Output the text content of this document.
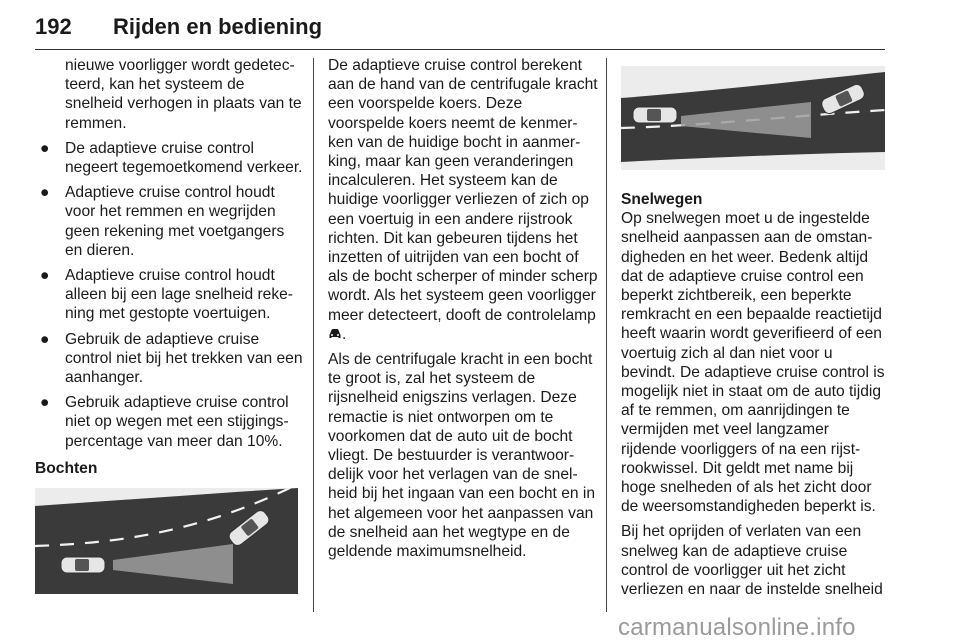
192 Rijden en bediening

nieuwe voorligger wordt gedetec-teerd, kan het systeem de snelheid verhogen in plaats van te remmen.

● De adaptieve cruise control negeert tegemoetkomend verkeer.
● Adaptieve cruise control houdt voor het remmen en wegrijden geen rekening met voetgangers en dieren.
● Adaptieve cruise control houdt alleen bij een lage snelheid reke-ning met gestopte voertuigen.
● Gebruik de adaptieve cruise control niet bij het trekken van een aanhanger.
● Gebruik adaptieve cruise control niet op wegen met een stijgings-percentage van meer dan 10%.
Bochten

De adaptieve cruise control berekent aan de hand van de centrifugale kracht een voorspelde koers. Deze voorspelde koers neemt de kenmer-ken van de huidige bocht in aanmer-king, maar kan geen veranderingen incalculeren. Het systeem kan de huidige voorligger verliezen of zich op een voertuig in een andere rijstrook richten. Dit kan gebeuren tijdens het inzetten of uitrijden van een bocht of als de bocht scherper of minder scherp wordt. Als het systeem geen voorligger meer detecteert, dooft de controlelamp .

Als de centrifugale kracht in een bocht te groot is, zal het systeem de rijsnelheid enigszins verlagen. Deze remactie is niet ontworpen om te voorkomen dat de auto uit de bocht vliegt. De bestuurder is verantwoor-delijk voor het verlagen van de snel-heid bij het ingaan van een bocht en in het algemeen voor het aanpassen van de snelheid aan het wegtype en de geldende maximumsnelheid.

Snelwegen

Op snelwegen moet u de ingestelde snelheid aanpassen aan de omstan-digheden en het weer. Bedenk altijd dat de adaptieve cruise control een beperkt zichtbereik, een beperkte remkracht en een bepaalde reactietijd heeft waarin wordt geverifieerd of een voertuig zich al dan niet voor u bevindt. De adaptieve cruise control is mogelijk niet in staat om de auto tijdig af te remmen, om aanrijdingen te vermijden met veel langzamer rijdende voorliggers of na een rijst-rookwissel. Dit geldt met name bij hoge snelheden of als het zicht door de weersomstandigheden beperkt is.

Bij het oprijden of verlaten van een snelweg kan de adaptieve cruise control de voorligger uit het zicht verliezen en naar de instelde snelheid

carmanualsonline.info
